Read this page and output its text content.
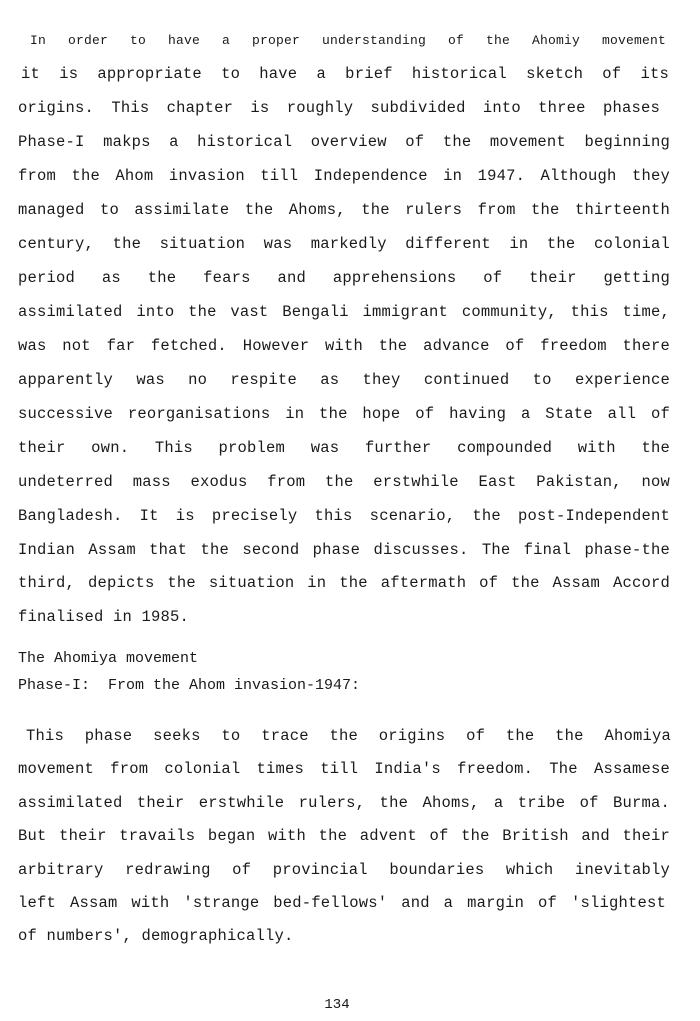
In order to have a proper understanding of the Ahomiy movement
it is appropriate to have a brief historical sketch of its
origins. This chapter is roughly subdivided into three phases
Phase-I makps a historical overview of the movement beginning
from the Ahom invasion till Independence in 1947. Although they
managed to assimilate the Ahoms, the rulers from the thirteenth
century, the situation was markedly different in the colonial
period as the fears and apprehensions of their getting
assimilated into the vast Bengali immigrant community, this time,
was not far fetched. However with the advance of freedom there
apparently was no respite as they continued to experience
successive reorganisations in the hope of having a State all of
their own. This problem was further compounded with the
undeterred mass exodus from the erstwhile East Pakistan, now
Bangladesh. It is precisely this scenario, the post-Independent
Indian Assam that the second phase discusses. The final phase-the
third, depicts the situation in the aftermath of the Assam Accord
finalised in 1985.
The Ahomiya movement
Phase-I:  From the Ahom invasion-1947:
This phase seeks to trace the origins of the the Ahomiya
movement from colonial times till India's freedom. The Assamese
assimilated their erstwhile rulers, the Ahoms, a tribe of Burma.
But their travails began with the advent of the British and their
arbitrary redrawing of provincial boundaries which inevitably
left Assam with 'strange bed-fellows' and a margin of 'slightest
of numbers', demographically.
134
